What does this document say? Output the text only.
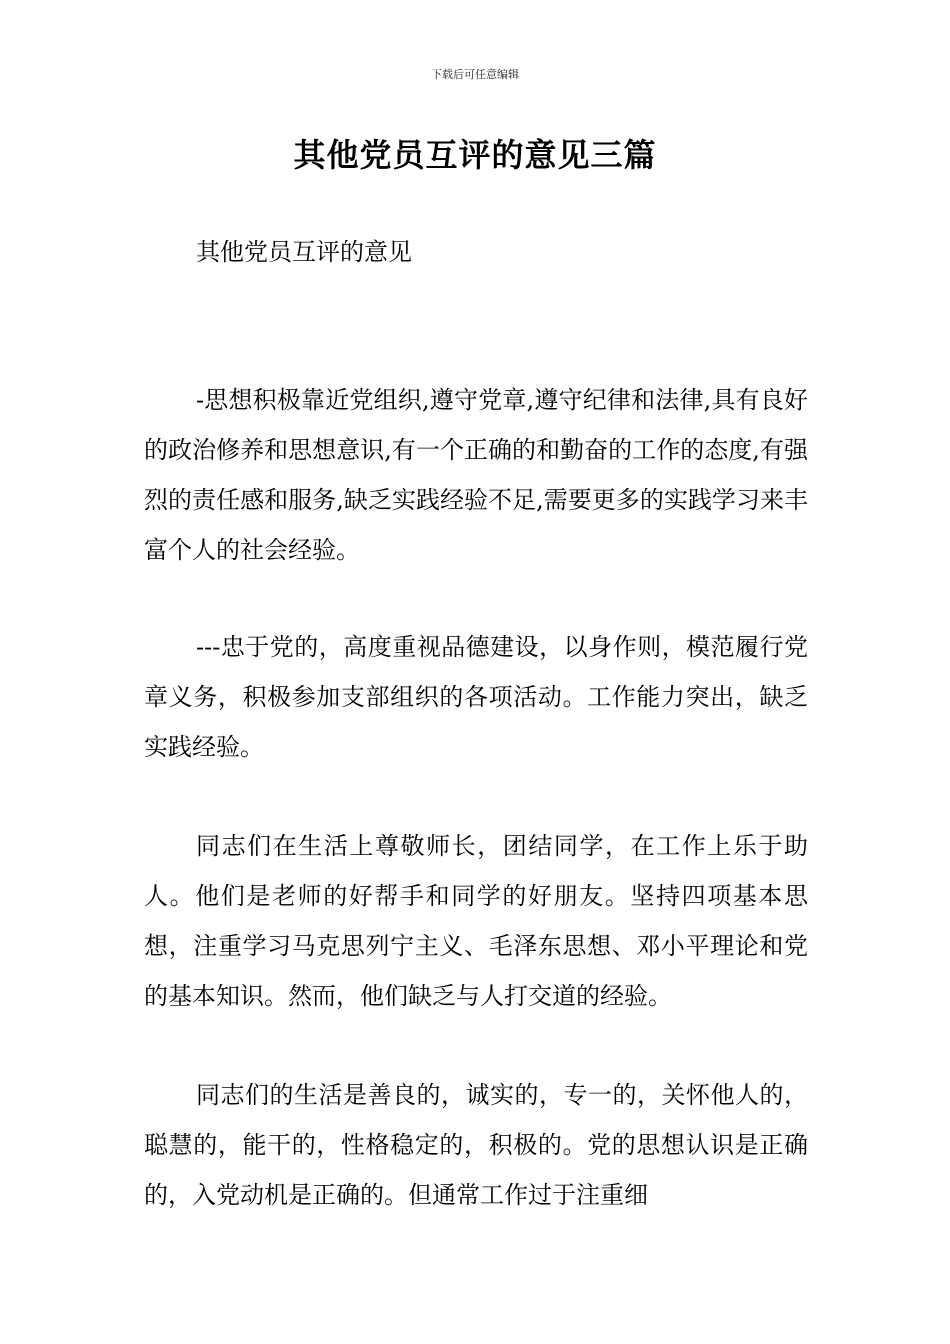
下载后可任意编辑
其他党员互评的意见三篇

其他党员互评的意见

-思想积极靠近党组织,遵守党章,遵守纪律和法律,具有良好的政治修养和思想意识,有一个正确的和勤奋的工作的态度,有强烈的责任感和服务,缺乏实践经验不足,需要更多的实践学习来丰富个人的社会经验。

---忠于党的，高度重视品德建设，以身作则，模范履行党章义务，积极参加支部组织的各项活动。工作能力突出，缺乏实践经验。

同志们在生活上尊敬师长，团结同学，在工作上乐于助人。他们是老师的好帮手和同学的好朋友。坚持四项基本思想，注重学习马克思列宁主义、毛泽东思想、邓小平理论和党的基本知识。然而，他们缺乏与人打交道的经验。

同志们的生活是善良的，诚实的，专一的，关怀他人的，聪慧的，能干的，性格稳定的，积极的。党的思想认识是正确的，入党动机是正确的。但通常工作过于注重细
